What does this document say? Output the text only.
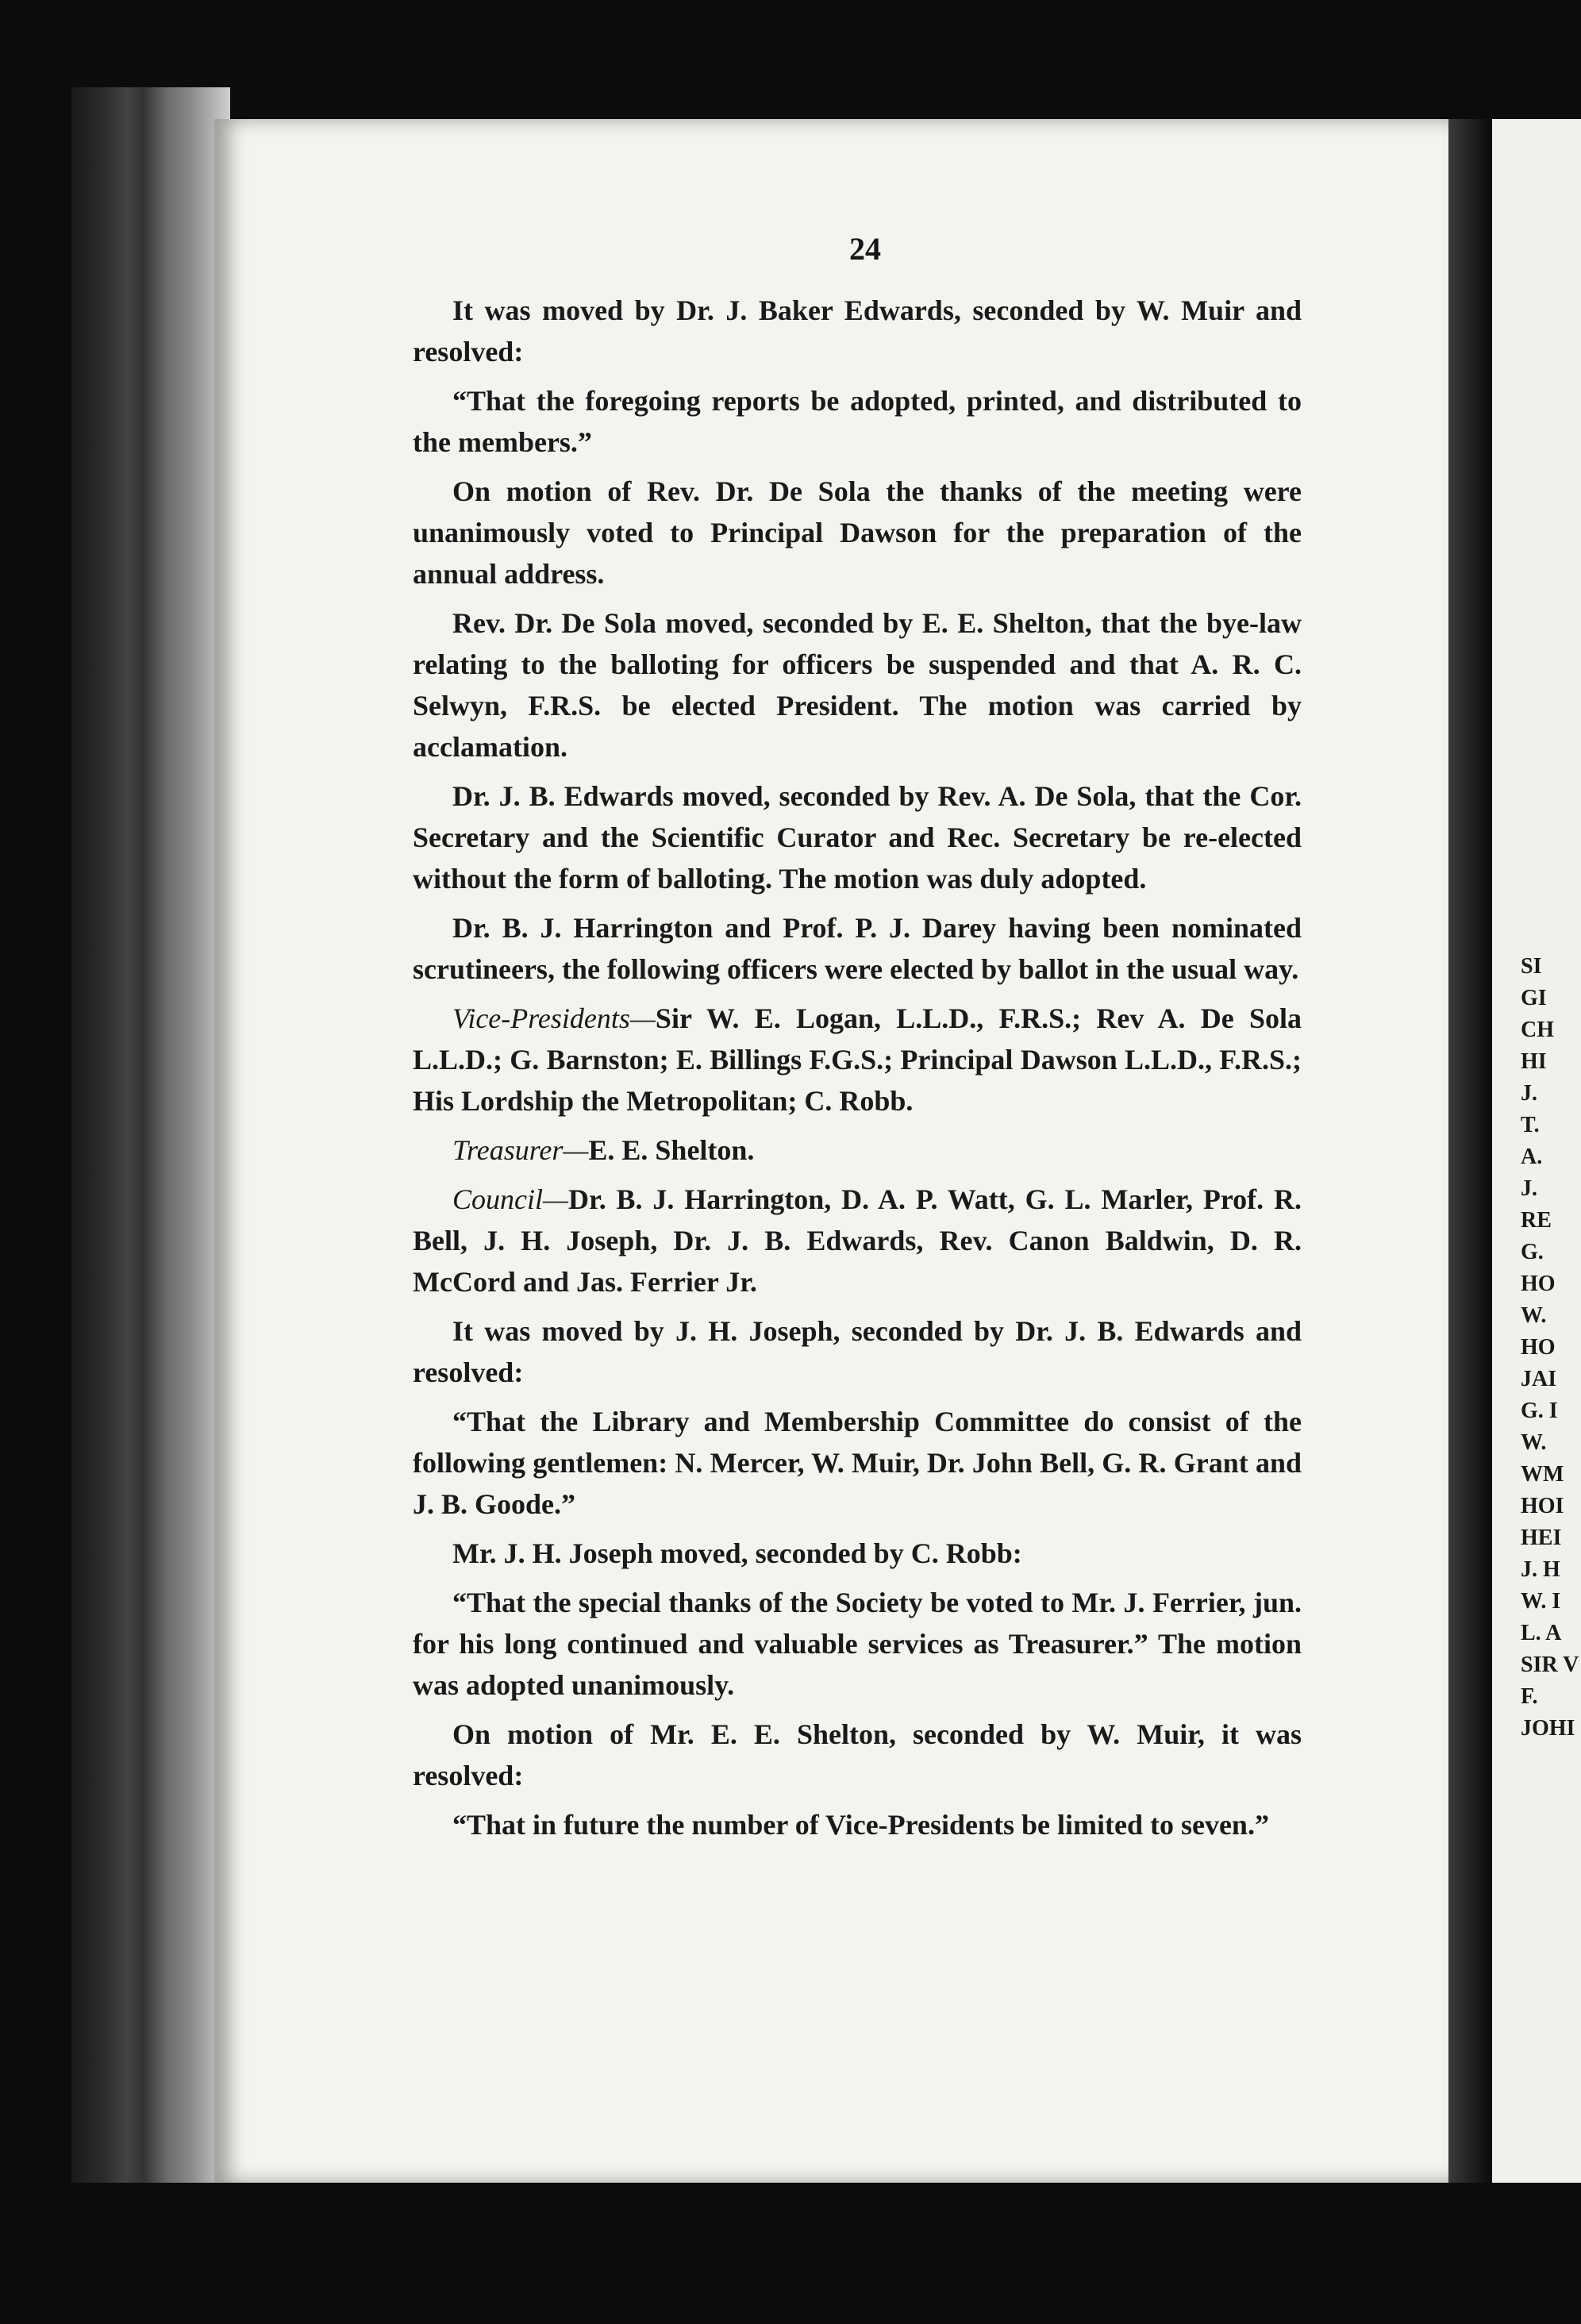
24

It was moved by Dr. J. Baker Edwards, seconded by W. Muir and resolved:

“That the foregoing reports be adopted, printed, and distributed to the members.”

On motion of Rev. Dr. De Sola the thanks of the meeting were unanimously voted to Principal Dawson for the preparation of the annual address.

Rev. Dr. De Sola moved, seconded by E. E. Shelton, that the bye-law relating to the balloting for officers be suspended and that A. R. C. Selwyn, F.R.S. be elected President. The motion was carried by acclamation.

Dr. J. B. Edwards moved, seconded by Rev. A. De Sola, that the Cor. Secretary and the Scientific Curator and Rec. Secretary be re-elected without the form of balloting. The motion was duly adopted.

Dr. B. J. Harrington and Prof. P. J. Darey having been nominated scrutineers, the following officers were elected by ballot in the usual way.

Vice-Presidents—Sir W. E. Logan, L.L.D., F.R.S.; Rev A. De Sola L.L.D.; G. Barnston; E. Billings F.G.S.; Principal Dawson L.L.D., F.R.S.; His Lordship the Metropolitan; C. Robb.

Treasurer—E. E. Shelton.

Council—Dr. B. J. Harrington, D. A. P. Watt, G. L. Marler, Prof. R. Bell, J. H. Joseph, Dr. J. B. Edwards, Rev. Canon Baldwin, D. R. McCord and Jas. Ferrier Jr.

It was moved by J. H. Joseph, seconded by Dr. J. B. Edwards and resolved:

“That the Library and Membership Committee do consist of the following gentlemen: N. Mercer, W. Muir, Dr. John Bell, G. R. Grant and J. B. Goode.”

Mr. J. H. Joseph moved, seconded by C. Robb:

“That the special thanks of the Society be voted to Mr. J. Ferrier, jun. for his long continued and valuable services as Treasurer.” The motion was adopted unanimously.

On motion of Mr. E. E. Shelton, seconded by W. Muir, it was resolved:

“That in future the number of Vice-Presidents be limited to seven.”

SI
GI
CH
HI
J.
T.
A.
J.
RE
G.
HO
W.
HO
JAI
G. I
W.
WM
HOI
HEI
J. H
W. I
L. A
SIR V
F.
JOHI
